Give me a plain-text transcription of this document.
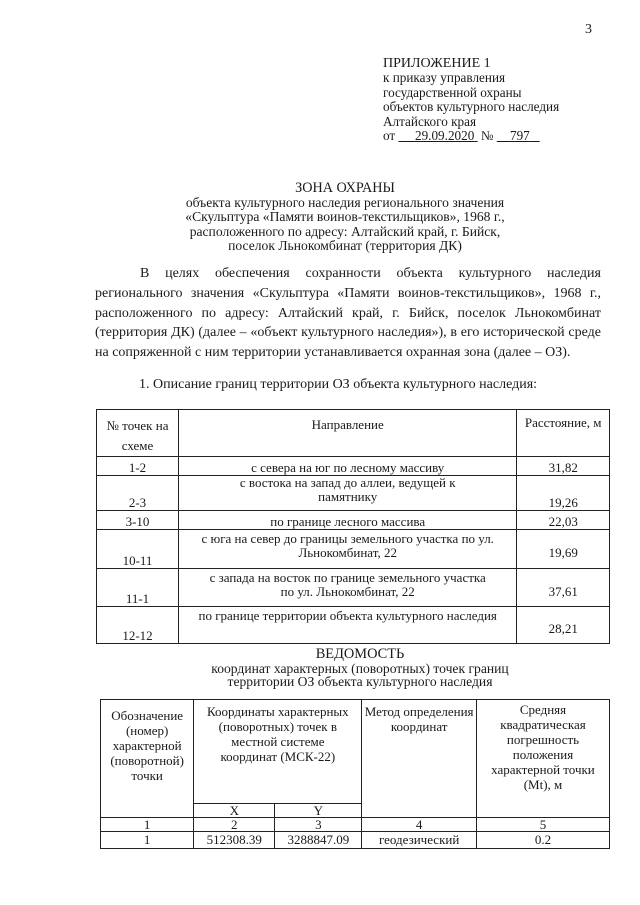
3
ПРИЛОЖЕНИЕ 1
к приказу управления
государственной охраны
объектов культурного наследия
Алтайского края
от 29.09.2020 № 797
ЗОНА ОХРАНЫ
объекта культурного наследия регионального значения
«Скульптура «Памяти воинов-текстильщиков», 1968 г.,
расположенного по адресу: Алтайский край, г. Бийск,
поселок Льнокомбинат (территория ДК)

В целях обеспечения сохранности объекта культурного наследия регионального значения «Скульптура «Памяти воинов-текстильщиков», 1968 г., расположенного по адресу: Алтайский край, г. Бийск, поселок Льнокомбинат (территория ДК) (далее – «объект культурного наследия»), в его исторической среде на сопряженной с ним территории устанавливается охранная зона (далее – ОЗ).

1. Описание границ территории ОЗ объекта культурного наследия:
№ точек на схеме	Направление	Расстояние, м
1-2	с севера на юг по лесному массиву	31,82
2-3	с востока на запад до аллеи, ведущей к памятнику	19,26
3-10	по границе лесного массива	22,03
10-11	с юга на север до границы земельного участка по ул. Льнокомбинат, 22	19,69
11-1	с запада на восток по границе земельного участка по ул. Льнокомбинат, 22	37,61
12-12	по границе территории объекта культурного наследия	28,21
ВЕДОМОСТЬ
координат характерных (поворотных) точек границ
территории ОЗ объекта культурного наследия
Обозначение (номер) характерной (поворотной) точки	Координаты характерных (поворотных) точек в местной системе координат (МСК-22)		Метод определения координат	Средняя квадратическая погрешность положения характерной точки (Mt), м
	X	Y		
1	2	3	4	5
1	512308.39	3288847.09	геодезический	0.2
